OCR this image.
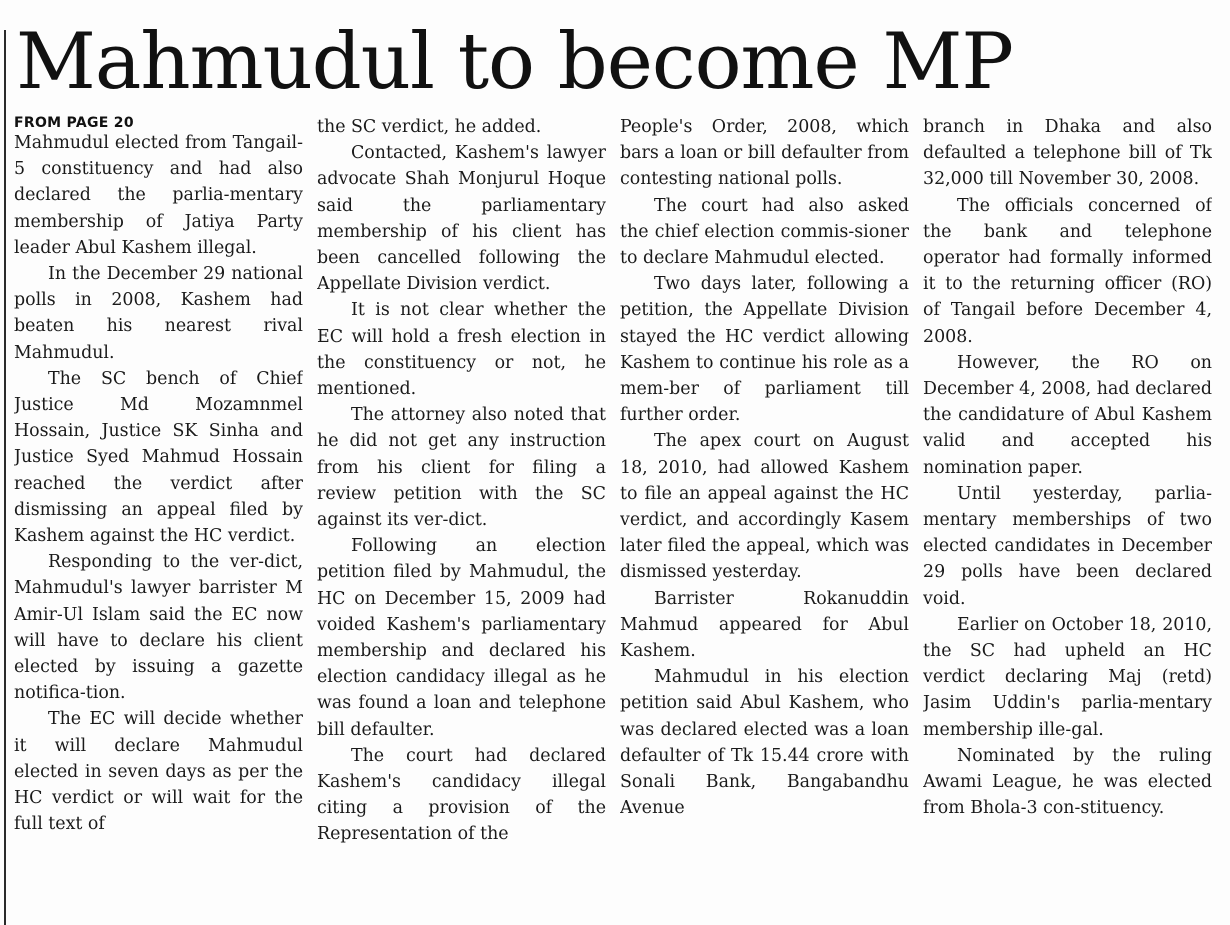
Mahmudul to become MP

FROM PAGE 20

Mahmudul elected from Tangail-5 constituency and had also declared the parlia-mentary membership of Jatiya Party leader Abul Kashem illegal.

In the December 29 national polls in 2008, Kashem had beaten his nearest rival Mahmudul.

The SC bench of Chief Justice Md Mozamnmel Hossain, Justice SK Sinha and Justice Syed Mahmud Hossain reached the verdict after dismissing an appeal filed by Kashem against the HC verdict.

Responding to the ver-dict, Mahmudul's lawyer barrister M Amir-Ul Islam said the EC now will have to declare his client elected by issuing a gazette notifica-tion.

The EC will decide whether it will declare Mahmudul elected in seven days as per the HC verdict or will wait for the full text of

the SC verdict, he added.

Contacted, Kashem's lawyer advocate Shah Monjurul Hoque said the parliamentary membership of his client has been cancelled following the Appellate Division verdict.

It is not clear whether the EC will hold a fresh election in the constituency or not, he mentioned.

The attorney also noted that he did not get any instruction from his client for filing a review petition with the SC against its ver-dict.

Following an election petition filed by Mahmudul, the HC on December 15, 2009 had voided Kashem's parliamentary membership and declared his election candidacy illegal as he was found a loan and telephone bill defaulter.

The court had declared Kashem's candidacy illegal citing a provision of the Representation of the

People's Order, 2008, which bars a loan or bill defaulter from contesting national polls.

The court had also asked the chief election commis-sioner to declare Mahmudul elected.

Two days later, following a petition, the Appellate Division stayed the HC verdict allowing Kashem to continue his role as a mem-ber of parliament till further order.

The apex court on August 18, 2010, had allowed Kashem to file an appeal against the HC verdict, and accordingly Kasem later filed the appeal, which was dismissed yesterday.

Barrister Rokanuddin Mahmud appeared for Abul Kashem.

Mahmudul in his election petition said Abul Kashem, who was declared elected was a loan defaulter of Tk 15.44 crore with Sonali Bank, Bangabandhu Avenue

branch in Dhaka and also defaulted a telephone bill of Tk 32,000 till November 30, 2008.

The officials concerned of the bank and telephone operator had formally informed it to the returning officer (RO) of Tangail before December 4, 2008.

However, the RO on December 4, 2008, had declared the candidature of Abul Kashem valid and accepted his nomination paper.

Until yesterday, parlia-mentary memberships of two elected candidates in December 29 polls have been declared void.

Earlier on October 18, 2010, the SC had upheld an HC verdict declaring Maj (retd) Jasim Uddin's parlia-mentary membership ille-gal.

Nominated by the ruling Awami League, he was elected from Bhola-3 con-stituency.
